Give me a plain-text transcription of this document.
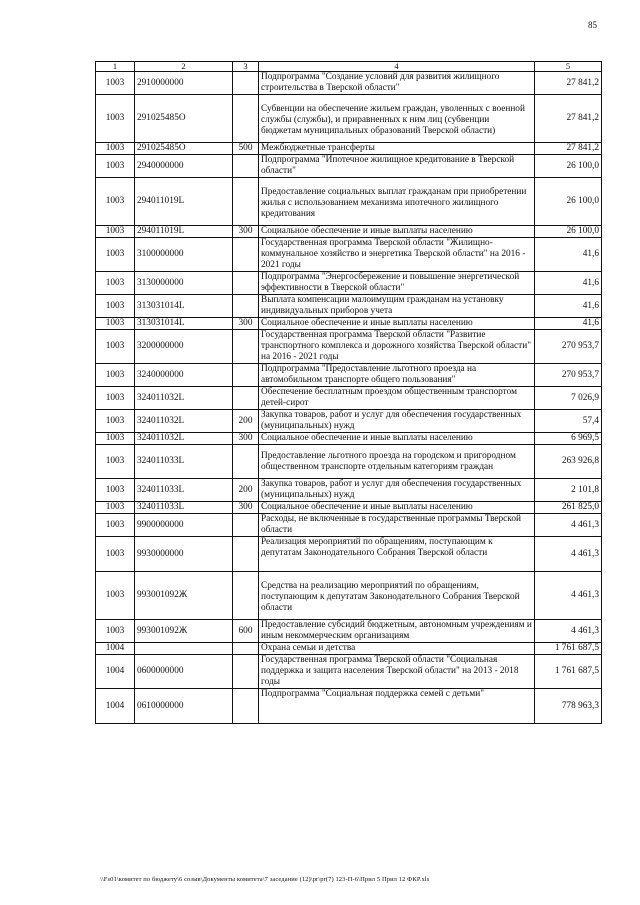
85
1	2	3	4	5
1003	2910000000		Подпрограмма "Создание условий для развития жилищного строительства в Тверской области"	27 841,2
1003	291025485O		Субвенции на обеспечение жильем граждан, уволенных с военной службы (службы), и приравненных к ним лиц (субвенции бюджетам муниципальных образований Тверской области)	27 841,2
1003	291025485O	500	Межбюджетные трансферты	27 841,2
1003	2940000000		Подпрограмма "Ипотечное жилищное кредитование в Тверской области"	26 100,0
1003	294011019L		Предоставление социальных выплат гражданам при приобретении жилья с использованием механизма ипотечного жилищного кредитования	26 100,0
1003	294011019L	300	Социальное обеспечение и иные выплаты населению	26 100,0
1003	3100000000		Государственная программа Тверской области "Жилищно-коммунальное хозяйство и энергетика Тверской области" на 2016 - 2021 годы	41,6
1003	3130000000		Подпрограмма "Энергосбережение и повышение энергетической эффективности в Тверской области"	41,6
1003	313031014L		Выплата компенсации малоимущим гражданам на установку индивидуальных приборов учета	41,6
1003	313031014L	300	Социальное обеспечение и иные выплаты населению	41,6
1003	3200000000		Государственная программа Тверской области "Развитие транспортного комплекса и дорожного хозяйства Тверской области" на 2016 - 2021 годы	270 953,7
1003	3240000000		Подпрограмма "Предоставление льготного проезда на автомобильном транспорте общего пользования"	270 953,7
1003	324011032L		Обеспечение бесплатным проездом общественным транспортом детей-сирот	7 026,9
1003	324011032L	200	Закупка товаров, работ и услуг для обеспечения государственных (муниципальных) нужд	57,4
1003	324011032L	300	Социальное обеспечение и иные выплаты населению	6 969,5
1003	324011033L		Предоставление льготного проезда на городском и пригородном общественном транспорте отдельным категориям граждан	263 926,8
1003	324011033L	200	Закупка товаров, работ и услуг для обеспечения государственных (муниципальных) нужд	2 101,8
1003	324011033L	300	Социальное обеспечение и иные выплаты населению	261 825,0
1003	9900000000		Расходы, не включенные в государственные программы Тверской области	4 461,3
1003	9930000000		Реализация мероприятий по обращениям, поступающим к депутатам Законодательного Собрания Тверской области	4 461,3
1003	993001092Ж		Средства на реализацию мероприятий по обращениям, поступающим к депутатам Законодательного Собрания Тверской области	4 461,3
1003	993001092Ж	600	Предоставление субсидий бюджетным, автономным учреждениям и иным некоммерческим организациям	4 461,3
1004			Охрана семьи и детства	1 761 687,5
1004	0600000000		Государственная программа Тверской области "Социальная поддержка и защита населения Тверской области" на 2013 - 2018 годы	1 761 687,5
1004	0610000000		Подпрограмма "Социальная поддержка семей с детьми"	778 963,3
\\Fs01\комитет по бюджету\6 созыв\Документы комитета\7 заседание (12)\pr\pr(7) 123-П-6\Прил 5 Прил 12 ФКР.xls
